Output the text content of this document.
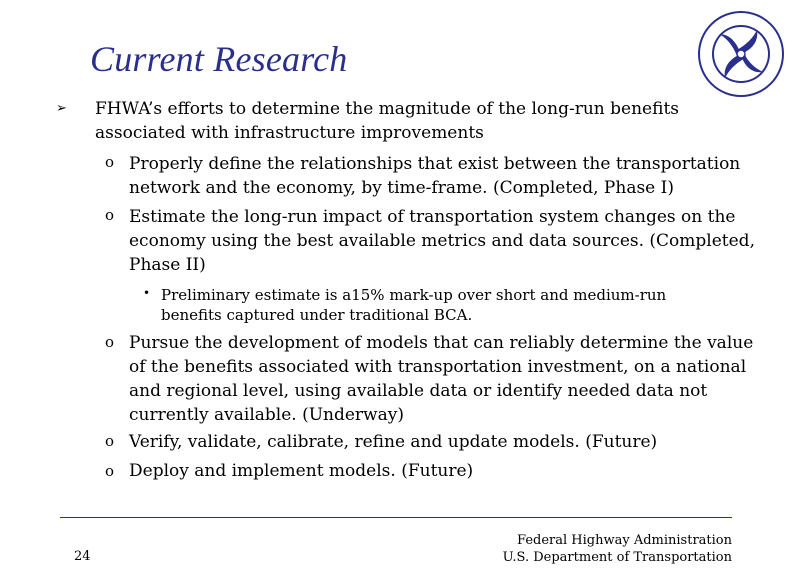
Current Research
➢ FHWA’s efforts to determine the magnitude of the long-run benefits associated with infrastructure improvements
o Properly define the relationships that exist between the transportation network and the economy, by time-frame. (Completed, Phase I)
o Estimate the long-run impact of transportation system changes on the economy using the best available metrics and data sources. (Completed, Phase II)
• Preliminary estimate is a15% mark-up over short and medium-run benefits captured under traditional BCA.
o Pursue the development of models that can reliably determine the value of the benefits associated with transportation investment, on a national and regional level, using available data or identify needed data not currently available. (Underway)
o Verify, validate, calibrate, refine and update models. (Future)
o Deploy and implement models. (Future)
24
Federal Highway Administration
U.S. Department of Transportation
